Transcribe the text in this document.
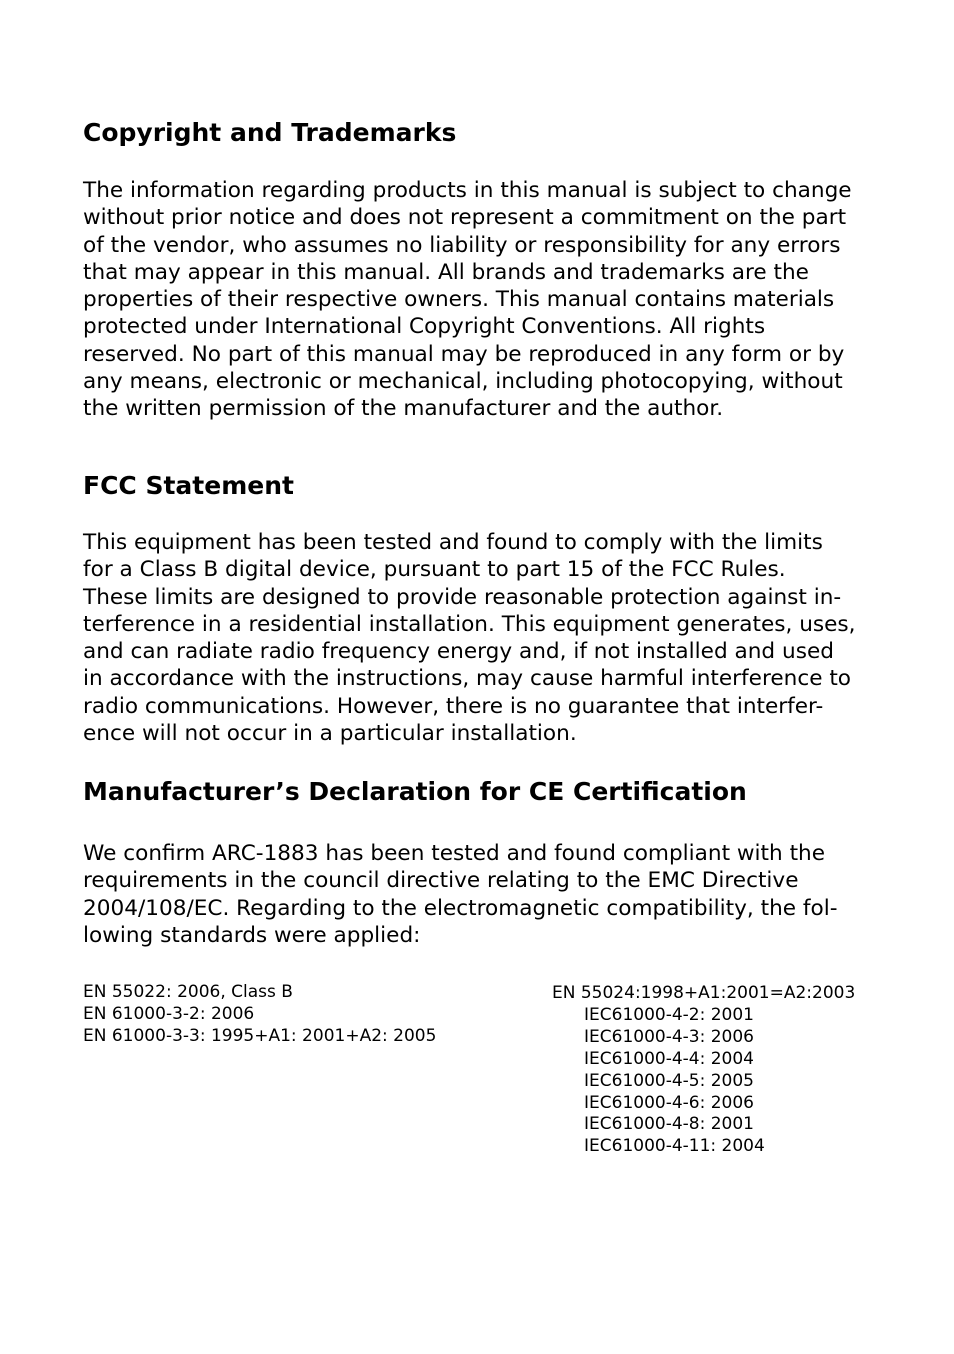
Copyright and Trademarks
The information regarding products in this manual is subject to change
without prior notice and does not represent a commitment on the part
of the vendor, who assumes no liability or responsibility for any errors
that may appear in this manual. All brands and trademarks are the
properties of their respective owners. This manual contains materials
protected under International Copyright Conventions. All rights
reserved. No part of this manual may be reproduced in any form or by
any means, electronic or mechanical, including photocopying, without
the written permission of the manufacturer and the author.
FCC Statement
This equipment has been tested and found to comply with the limits
for a Class B digital device, pursuant to part 15 of the FCC Rules.
These limits are designed to provide reasonable protection against in-
terference in a residential installation. This equipment generates, uses,
and can radiate radio frequency energy and, if not installed and used
in accordance with the instructions, may cause harmful interference to
radio communications. However, there is no guarantee that interfer-
ence will not occur in a particular installation.
Manufacturer’s Declaration for CE Certification
We confirm ARC-1883 has been tested and found compliant with the
requirements in the council directive relating to the EMC Directive
2004/108/EC. Regarding to the electromagnetic compatibility, the fol-
lowing standards were applied:
EN 55022: 2006, Class B
EN 61000-3-2: 2006
EN 61000-3-3: 1995+A1: 2001+A2: 2005
EN 55024:1998+A1:2001=A2:2003
IEC61000-4-2: 2001
IEC61000-4-3: 2006
IEC61000-4-4: 2004
IEC61000-4-5: 2005
IEC61000-4-6: 2006
IEC61000-4-8: 2001
IEC61000-4-11: 2004
